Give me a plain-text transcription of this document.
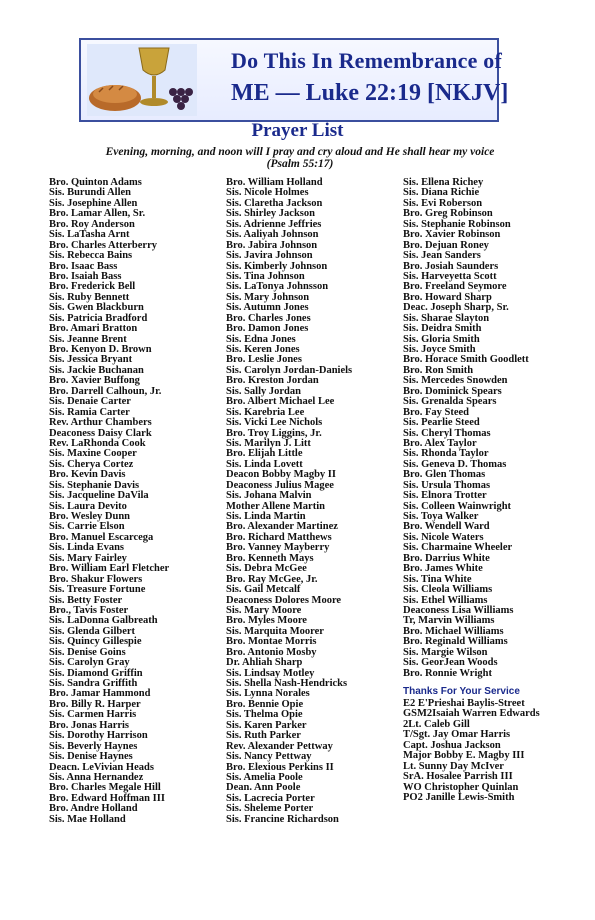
Do This In Remembrance of
ME — Luke 22:19 [NKJV]
Prayer List
Evening, morning, and noon will I pray and cry aloud and He shall hear my voice
(Psalm 55:17)
Bro. Quinton Adams
Sis. Burundi Allen
Sis. Josephine Allen
Bro. Lamar Allen, Sr.
Bro. Roy Anderson
Sis. LaTasha Arnt
Bro. Charles Atterberry
Sis. Rebecca Bains
Bro. Isaac Bass
Bro. Isaiah Bass
Bro. Frederick Bell
Sis. Ruby Bennett
Sis. Gwen Blackburn
Sis. Patricia Bradford
Bro. Amari Bratton
Sis. Jeanne Brent
Bro. Kenyon D. Brown
Sis. Jessica Bryant
Sis. Jackie Buchanan
Bro. Xavier Buffong
Bro. Darrell Calhoun, Jr.
Sis. Denaie Carter
Sis. Ramia Carter
Rev. Arthur Chambers
Deaconess Daisy Clark
Rev. LaRhonda Cook
Sis. Maxine Cooper
Sis. Cherya Cortez
Bro. Kevin Davis
Sis. Stephanie Davis
Sis. Jacqueline DaVila
Sis. Laura Devito
Bro. Wesley Dunn
Sis. Carrie Elson
Bro. Manuel Escarcega
Sis. Linda Evans
Sis. Mary Fairley
Bro. William Earl Fletcher
Bro. Shakur Flowers
Sis. Treasure Fortune
Sis. Betty Foster
Bro., Tavis Foster
Sis. LaDonna Galbreath
Sis. Glenda Gilbert
Sis. Quincy Gillespie
Sis. Denise Goins
Sis. Carolyn Gray
Sis. Diamond Griffin
Sis. Sandra Griffith
Bro. Jamar Hammond
Bro. Billy R. Harper
Sis. Carmen Harris
Bro. Jonas Harris
Sis. Dorothy Harrison
Sis. Beverly Haynes
Sis. Denise Haynes
Deacn. LeVivian Heads
Sis. Anna Hernandez
Bro. Charles Megale Hill
Bro. Edward Hoffman III
Bro. Andre Holland
Sis. Mae Holland
Bro. William Holland
Sis. Nicole Holmes
Sis. Claretha Jackson
Sis. Shirley Jackson
Sis. Adrienne Jeffries
Sis. Aaliyah Johnson
Bro. Jabira Johnson
Sis. Javira Johnson
Sis. Kimberly Johnson
Sis. Tina Johnson
Sis. LaTonya Johnsson
Sis. Mary Johnson
Sis. Autumn Jones
Bro. Charles Jones
Bro. Damon Jones
Sis. Edna Jones
Sis. Keren Jones
Bro. Leslie Jones
Sis. Carolyn Jordan-Daniels
Bro. Kreston Jordan
Sis. Sally Jordan
Bro. Albert Michael Lee
Sis. Karebria Lee
Sis. Vicki Lee Nichols
Bro. Troy Liggins, Jr.
Sis. Marilyn J. Litt
Bro. Elijah Little
Sis. Linda Lovett
Deacon Bobby Magby II
Deaconess Julius Magee
Sis. Johana Malvin
Mother Allene Martin
Sis. Linda Martin
Bro. Alexander Martinez
Bro. Richard Matthews
Bro. Vanney Mayberry
Bro. Kenneth Mays
Sis. Debra McGee
Bro. Ray McGee, Jr.
Sis. Gail Metcalf
Deaconess Dolores Moore
Sis. Mary Moore
Bro. Myles Moore
Sis. Marquita Moorer
Bro. Montae Morris
Bro. Antonio Mosby
Dr. Ahliah Sharp
Sis. Lindsay Motley
Sis. Shella Nash-Hendricks
Sis. Lynna Norales
Bro. Bennie Opie
Sis. Thelma Opie
Sis. Karen Parker
Sis. Ruth Parker
Rev. Alexander Pettway
Sis. Nancy Pettway
Bro. Elexious Perkins II
Sis. Amelia Poole
Dean. Ann Poole
Sis. Lacrecia Porter
Sis. Sheleme Porter
Sis. Francine Richardson
Sis. Ellena Richey
Sis. Diana Richie
Sis. Evi Roberson
Bro. Greg Robinson
Sis. Stephanie Robinson
Bro. Xavier Robinson
Bro. Dejuan Roney
Sis. Jean Sanders
Bro. Josiah Saunders
Sis. Harveyetta Scott
Bro. Freeland Seymore
Bro. Howard Sharp
Deac. Joseph Sharp, Sr.
Sis. Sharae Slayton
Sis. Deidra Smith
Sis. Gloria Smith
Sis. Joyce Smith
Bro. Horace Smith Goodlett
Bro. Ron Smith
Sis. Mercedes Snowden
Bro. Dominick Spears
Sis. Grenalda Spears
Bro. Fay Steed
Sis. Pearlie Steed
Sis. Cheryl Thomas
Bro. Alex Taylor
Sis. Rhonda Taylor
Sis. Geneva D. Thomas
Bro. Glen Thomas
Sis. Ursula Thomas
Sis. Elnora Trotter
Sis. Colleen Wainwright
Sis. Toya Walker
Bro. Wendell Ward
Sis. Nicole Waters
Sis. Charmaine Wheeler
Bro. Darrius White
Bro. James White
Sis. Tina White
Sis. Cleola Williams
Sis. Ethel Williams
Deaconess Lisa Williams
Tr, Marvin Williams
Bro. Michael Williams
Bro. Reginald Williams
Sis. Margie Wilson
Sis. GeorJean Woods
Bro. Ronnie Wright
Thanks For Your Service
E2 E'Prieshai Baylis-Street
GSM2Isaiah Warren Edwards
2Lt. Caleb Gill
T/Sgt. Jay Omar Harris
Capt. Joshua Jackson
Major Bobby E. Magby III
Lt. Sunny Day McIver
SrA. Hosalee Parrish III
WO Christopher Quinlan
PO2 Janille Lewis-Smith
